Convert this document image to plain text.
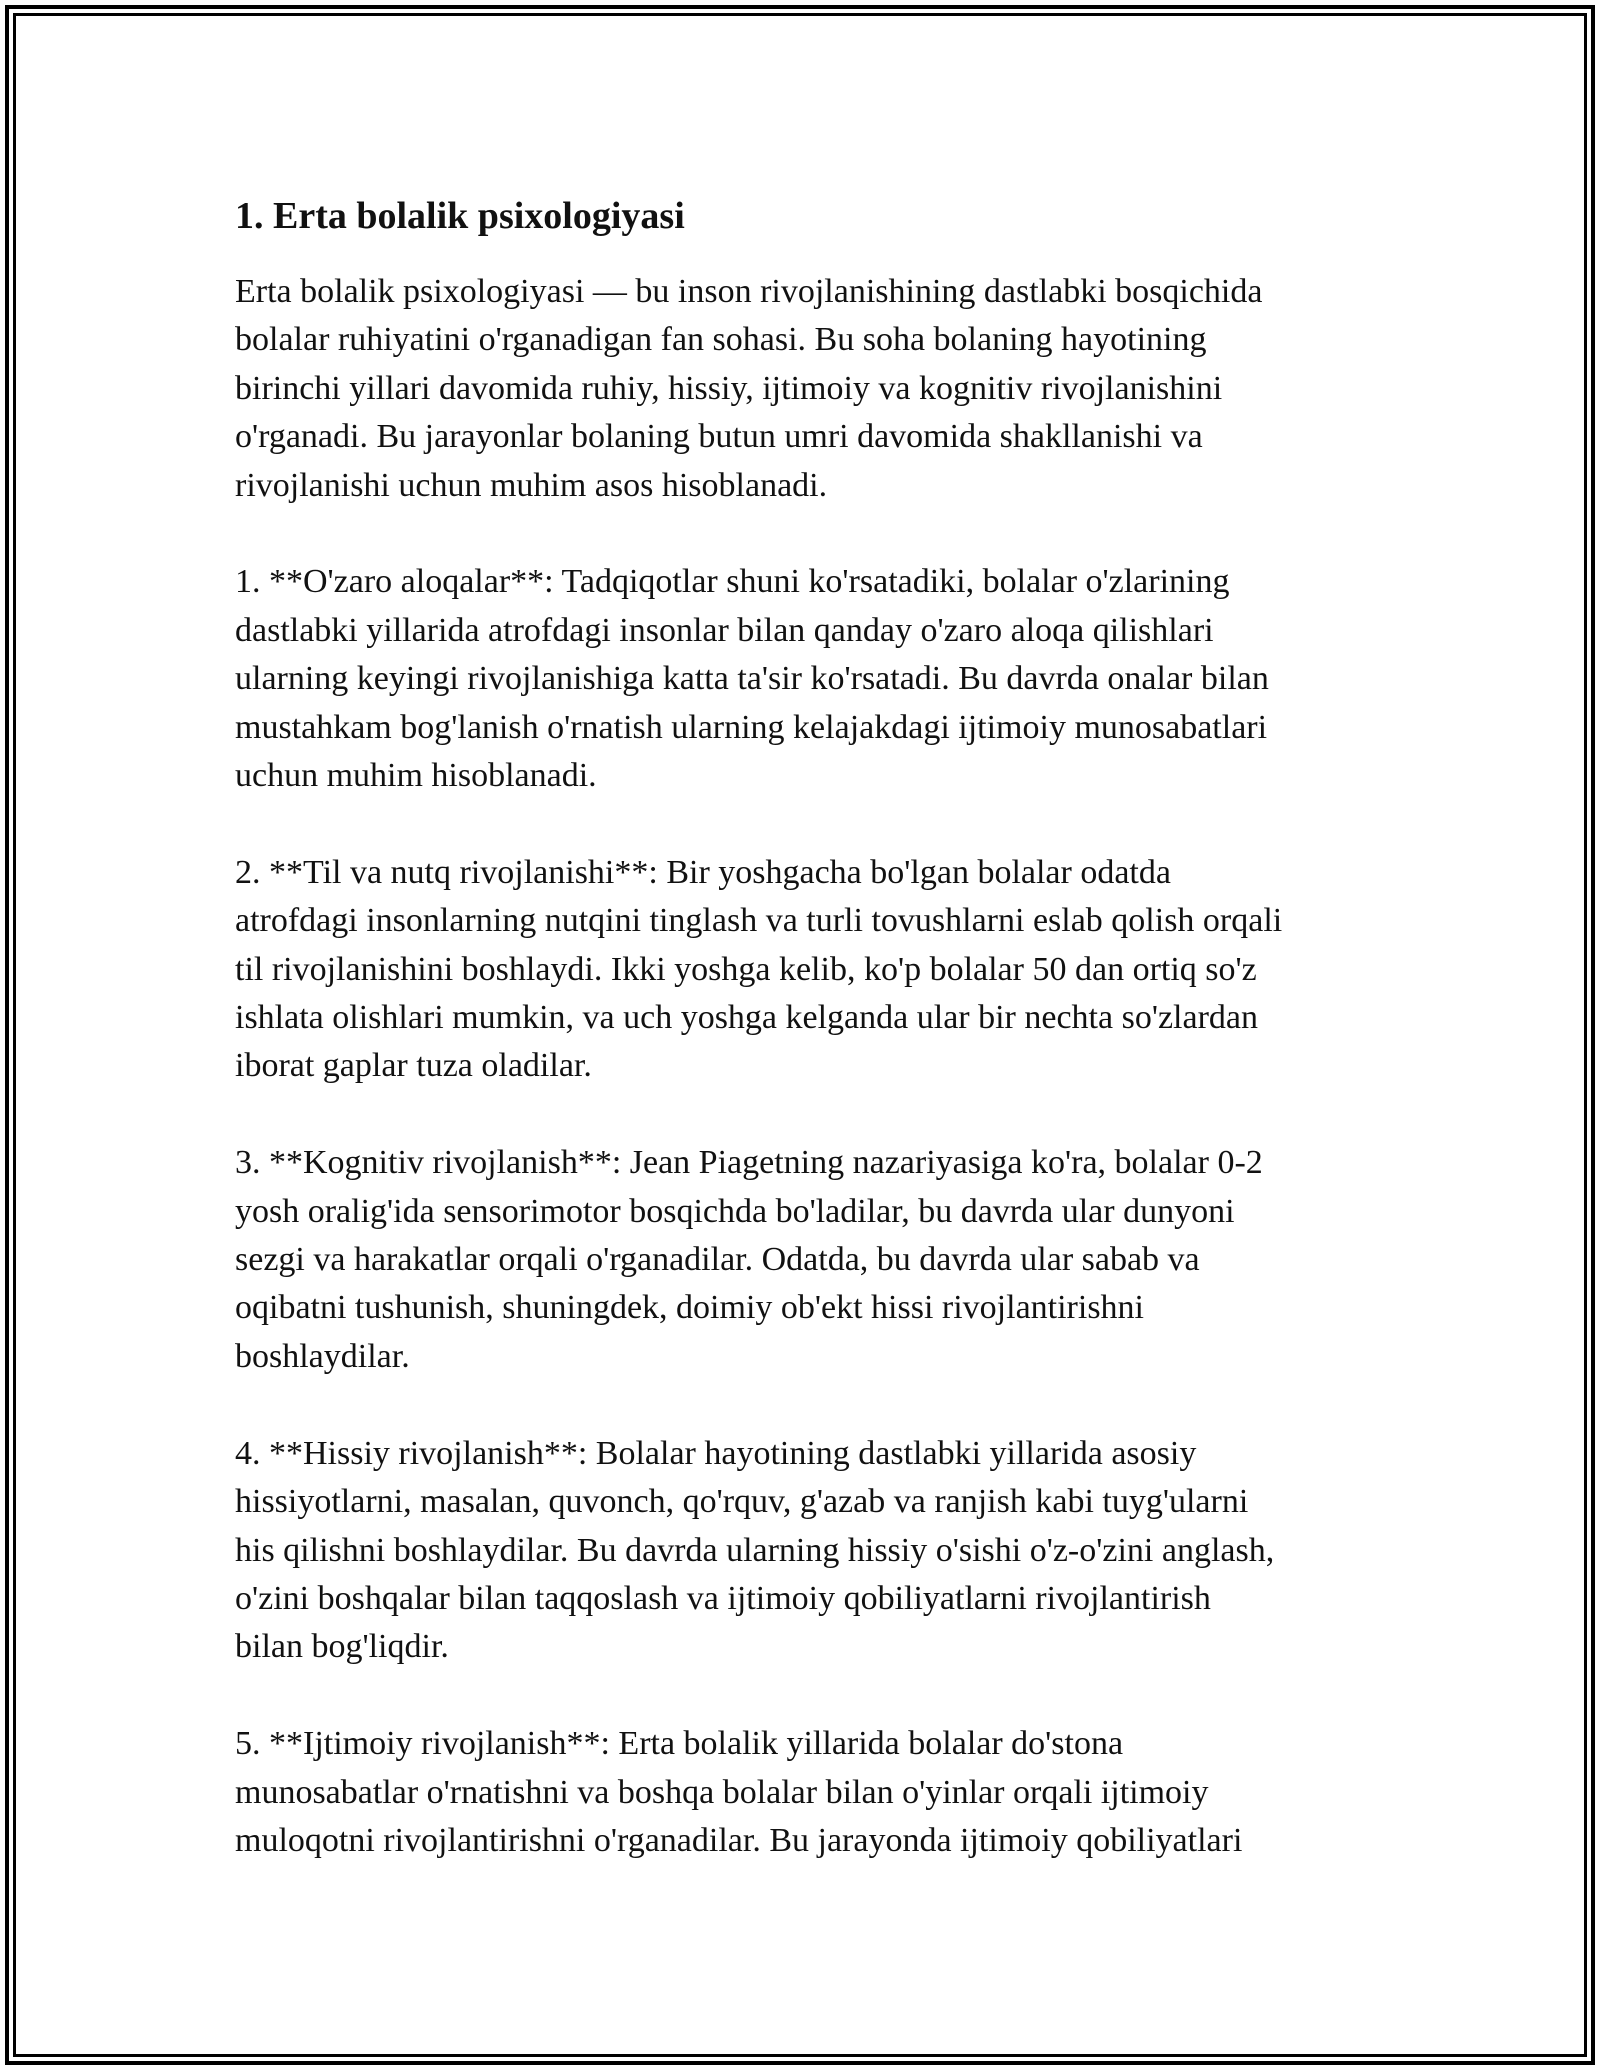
1. Erta bolalik psixologiyasi

Erta bolalik psixologiyasi — bu inson rivojlanishining dastlabki bosqichida
bolalar ruhiyatini o'rganadigan fan sohasi. Bu soha bolaning hayotining
birinchi yillari davomida ruhiy, hissiy, ijtimoiy va kognitiv rivojlanishini
o'rganadi. Bu jarayonlar bolaning butun umri davomida shakllanishi va
rivojlanishi uchun muhim asos hisoblanadi.

1. **O'zaro aloqalar**: Tadqiqotlar shuni ko'rsatadiki, bolalar o'zlarining
dastlabki yillarida atrofdagi insonlar bilan qanday o'zaro aloqa qilishlari
ularning keyingi rivojlanishiga katta ta'sir ko'rsatadi. Bu davrda onalar bilan
mustahkam bog'lanish o'rnatish ularning kelajakdagi ijtimoiy munosabatlari
uchun muhim hisoblanadi.

2. **Til va nutq rivojlanishi**: Bir yoshgacha bo'lgan bolalar odatda
atrofdagi insonlarning nutqini tinglash va turli tovushlarni eslab qolish orqali
til rivojlanishini boshlaydi. Ikki yoshga kelib, ko'p bolalar 50 dan ortiq so'z
ishlata olishlari mumkin, va uch yoshga kelganda ular bir nechta so'zlardan
iborat gaplar tuza oladilar.

3. **Kognitiv rivojlanish**: Jean Piagetning nazariyasiga ko'ra, bolalar 0-2
yosh oralig'ida sensorimotor bosqichda bo'ladilar, bu davrda ular dunyoni
sezgi va harakatlar orqali o'rganadilar. Odatda, bu davrda ular sabab va
oqibatni tushunish, shuningdek, doimiy ob'ekt hissi rivojlantirishni
boshlaydilar.

4. **Hissiy rivojlanish**: Bolalar hayotining dastlabki yillarida asosiy
hissiyotlarni, masalan, quvonch, qo'rquv, g'azab va ranjish kabi tuyg'ularni
his qilishni boshlaydilar. Bu davrda ularning hissiy o'sishi o'z-o'zini anglash,
o'zini boshqalar bilan taqqoslash va ijtimoiy qobiliyatlarni rivojlantirish
bilan bog'liqdir.

5. **Ijtimoiy rivojlanish**: Erta bolalik yillarida bolalar do'stona
munosabatlar o'rnatishni va boshqa bolalar bilan o'yinlar orqali ijtimoiy
muloqotni rivojlantirishni o'rganadilar. Bu jarayonda ijtimoiy qobiliyatlari
